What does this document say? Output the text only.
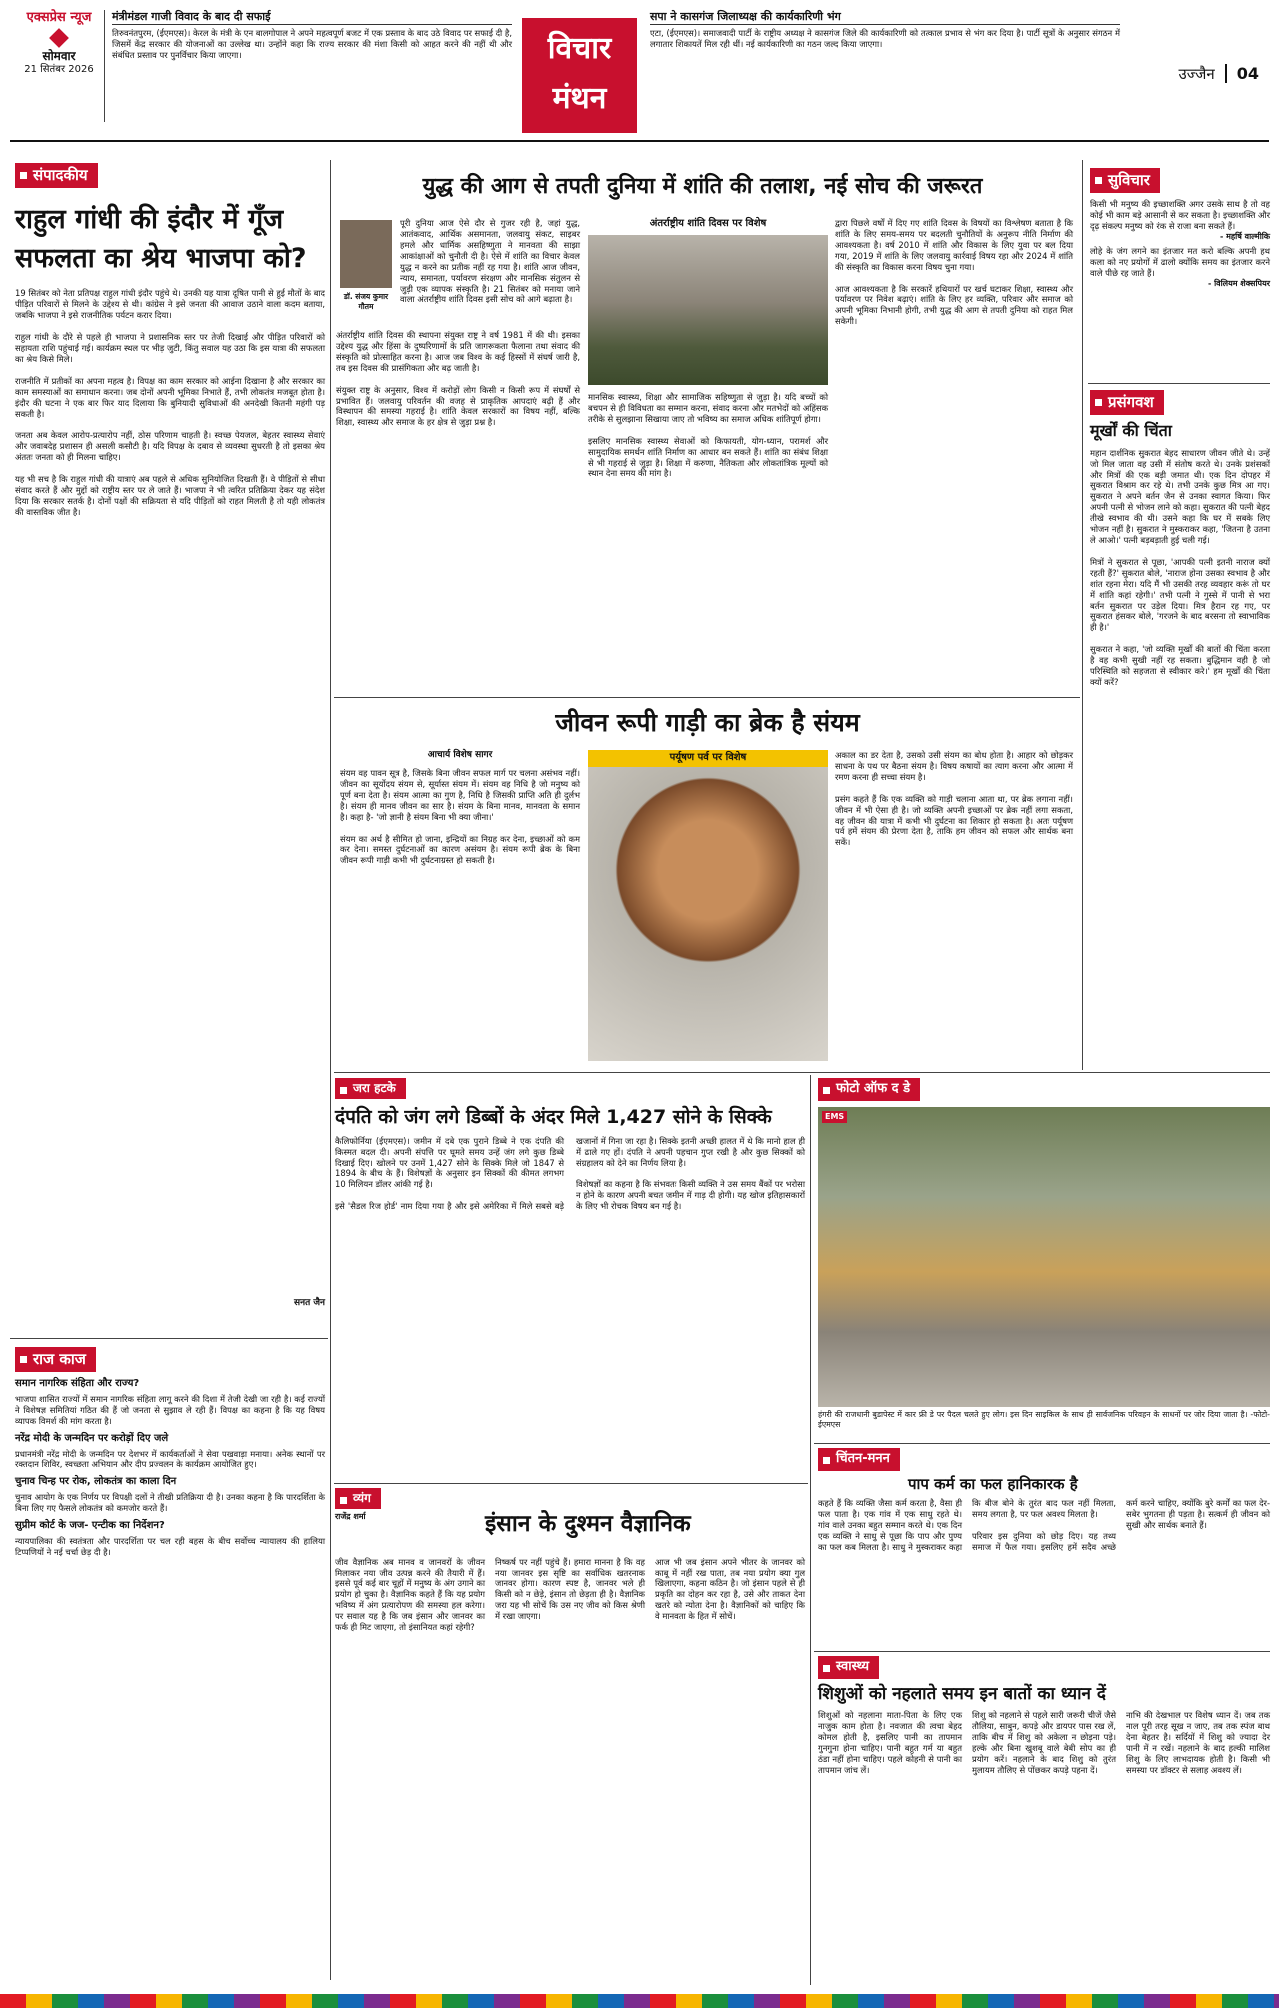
एक्सप्रेस न्यूज
सोमवार
21 सितंबर 2026
मंत्रीमंडल गाजी विवाद के बाद दी सफाई
तिरुवनंतपुरम, (ईएमएस)। केरल के मंत्री के एन बालगोपाल ने अपने महत्वपूर्ण बजट में एक प्रस्ताव के बाद उठे विवाद पर सफाई दी है, जिसमें केंद्र सरकार की योजनाओं का उल्लेख था। उन्होंने कहा कि राज्य सरकार की मंशा किसी को आहत करने की नहीं थी और संबंधित प्रस्ताव पर पुनर्विचार किया जाएगा।	विचार
मंथन
सपा ने कासगंज जिलाध्यक्ष की कार्यकारिणी भंग
एटा, (ईएमएस)। समाजवादी पार्टी के राष्ट्रीय अध्यक्ष ने कासगंज जिले की कार्यकारिणी को तत्काल प्रभाव से भंग कर दिया है। पार्टी सूत्रों के अनुसार संगठन में लगातार शिकायतें मिल रही थीं। नई कार्यकारिणी का गठन जल्द किया जाएगा।
उज्जैन 04
संपादकीय
राहुल गांधी की इंदौर में गूँज सफलता का श्रेय भाजपा को?
19 सितंबर को नेता प्रतिपक्ष राहुल गांधी इंदौर पहुंचे थे। उनकी यह यात्रा दूषित पानी से हुई मौतों के बाद पीड़ित परिवारों से मिलने के उद्देश्य से थी। कांग्रेस ने इसे जनता की आवाज उठाने वाला कदम बताया, जबकि भाजपा ने इसे राजनीतिक पर्यटन करार दिया।

राहुल गांधी के दौरे से पहले ही भाजपा ने प्रशासनिक स्तर पर तेजी दिखाई और पीड़ित परिवारों को सहायता राशि पहुंचाई गई। कार्यक्रम स्थल पर भीड़ जुटी, किंतु सवाल यह उठा कि इस यात्रा की सफलता का श्रेय किसे मिले।

राजनीति में प्रतीकों का अपना महत्व है। विपक्ष का काम सरकार को आईना दिखाना है और सरकार का काम समस्याओं का समाधान करना। जब दोनों अपनी भूमिका निभाते हैं, तभी लोकतंत्र मजबूत होता है। इंदौर की घटना ने एक बार फिर याद दिलाया कि बुनियादी सुविधाओं की अनदेखी कितनी महंगी पड़ सकती है।

जनता अब केवल आरोप-प्रत्यारोप नहीं, ठोस परिणाम चाहती है। स्वच्छ पेयजल, बेहतर स्वास्थ्य सेवाएं और जवाबदेह प्रशासन ही असली कसौटी है। यदि विपक्ष के दबाव से व्यवस्था सुधरती है तो इसका श्रेय अंततः जनता को ही मिलना चाहिए।

यह भी सच है कि राहुल गांधी की यात्राएं अब पहले से अधिक सुनियोजित दिखती हैं। वे पीड़ितों से सीधा संवाद करते हैं और मुद्दों को राष्ट्रीय स्तर पर ले जाते हैं। भाजपा ने भी त्वरित प्रतिक्रिया देकर यह संदेश दिया कि सरकार सतर्क है। दोनों पक्षों की सक्रियता से यदि पीड़ितों को राहत मिलती है तो यही लोकतंत्र की वास्तविक जीत है।
सनत जैन
राज काज
समान नागरिक संहिता और राज्य?
भाजपा शासित राज्यों में समान नागरिक संहिता लागू करने की दिशा में तेजी देखी जा रही है। कई राज्यों ने विशेषज्ञ समितियां गठित की हैं जो जनता से सुझाव ले रही हैं। विपक्ष का कहना है कि यह विषय व्यापक विमर्श की मांग करता है।
नरेंद्र मोदी के जन्मदिन पर करोड़ों दिए जले
प्रधानमंत्री नरेंद्र मोदी के जन्मदिन पर देशभर में कार्यकर्ताओं ने सेवा पखवाड़ा मनाया। अनेक स्थानों पर रक्तदान शिविर, स्वच्छता अभियान और दीप प्रज्वलन के कार्यक्रम आयोजित हुए।
चुनाव चिन्ह पर रोक, लोकतंत्र का काला दिन
चुनाव आयोग के एक निर्णय पर विपक्षी दलों ने तीखी प्रतिक्रिया दी है। उनका कहना है कि पारदर्शिता के बिना लिए गए फैसले लोकतंत्र को कमजोर करते हैं।
सुप्रीम कोर्ट के जज- एन्टीक का निर्देशन?
न्यायपालिका की स्वतंत्रता और पारदर्शिता पर चल रही बहस के बीच सर्वोच्च न्यायालय की हालिया टिप्पणियों ने नई चर्चा छेड़ दी है।
युद्ध की आग से तपती दुनिया में शांति की तलाश, नई सोच की जरूरत
डॉ. संजय कुमार गौतम
पूरी दुनिया आज ऐसे दौर से गुजर रही है, जहां युद्ध, आतंकवाद, आर्थिक असमानता, जलवायु संकट, साइबर हमले और धार्मिक असहिष्णुता ने मानवता की साझा आकांक्षाओं को चुनौती दी है। ऐसे में शांति का विचार केवल युद्ध न करने का प्रतीक नहीं रह गया है। शांति आज जीवन, न्याय, समानता, पर्यावरण संरक्षण और मानसिक संतुलन से जुड़ी एक व्यापक संस्कृति है। 21 सितंबर को मनाया जाने वाला अंतर्राष्ट्रीय शांति दिवस इसी सोच को आगे बढ़ाता है।
अंतर्राष्ट्रीय शांति दिवस की स्थापना संयुक्त राष्ट्र ने वर्ष 1981 में की थी। इसका उद्देश्य युद्ध और हिंसा के दुष्परिणामों के प्रति जागरूकता फैलाना तथा संवाद की संस्कृति को प्रोत्साहित करना है। आज जब विश्व के कई हिस्सों में संघर्ष जारी है, तब इस दिवस की प्रासंगिकता और बढ़ जाती है।

संयुक्त राष्ट्र के अनुसार, विश्व में करोड़ों लोग किसी न किसी रूप में संघर्षों से प्रभावित हैं। जलवायु परिवर्तन की वजह से प्राकृतिक आपदाएं बढ़ी हैं और विस्थापन की समस्या गहराई है। शांति केवल सरकारों का विषय नहीं, बल्कि शिक्षा, स्वास्थ्य और समाज के हर क्षेत्र से जुड़ा प्रश्न है।
अंतर्राष्ट्रीय शांति दिवस पर विशेष
मानसिक स्वास्थ्य, शिक्षा और सामाजिक सहिष्णुता से जुड़ा है। यदि बच्चों को बचपन से ही विविधता का सम्मान करना, संवाद करना और मतभेदों को अहिंसक तरीके से सुलझाना सिखाया जाए तो भविष्य का समाज अधिक शांतिपूर्ण होगा।

इसलिए मानसिक स्वास्थ्य सेवाओं को किफायती, योग-ध्यान, परामर्श और सामुदायिक समर्थन शांति निर्माण का आधार बन सकते हैं। शांति का संबंध शिक्षा से भी गहराई से जुड़ा है। शिक्षा में करुणा, नैतिकता और लोकतांत्रिक मूल्यों को स्थान देना समय की मांग है।
द्वारा पिछले वर्षों में दिए गए शांति दिवस के विषयों का विश्लेषण बताता है कि शांति के लिए समय-समय पर बदलती चुनौतियों के अनुरूप नीति निर्माण की आवश्यकता है। वर्ष 2010 में शांति और विकास के लिए युवा पर बल दिया गया, 2019 में शांति के लिए जलवायु कार्रवाई विषय रहा और 2024 में शांति की संस्कृति का विकास करना विषय चुना गया।

आज आवश्यकता है कि सरकारें हथियारों पर खर्च घटाकर शिक्षा, स्वास्थ्य और पर्यावरण पर निवेश बढ़ाएं। शांति के लिए हर व्यक्ति, परिवार और समाज को अपनी भूमिका निभानी होगी, तभी युद्ध की आग से तपती दुनिया को राहत मिल सकेगी।
सुविचार
किसी भी मनुष्य की इच्छाशक्ति अगर उसके साथ है तो वह कोई भी काम बड़े आसानी से कर सकता है। इच्छाशक्ति और दृढ़ संकल्प मनुष्य को रंक से राजा बना सकते हैं।
- महर्षि वाल्मीकि
लोहे के जंग लगने का इंतजार मत करो बल्कि अपनी हथ कला को नए प्रयोगों में ढालो क्योंकि समय का इंतजार करने वाले पीछे रह जाते हैं।
- विलियम शेक्सपियर
प्रसंगवश
मूर्खों की चिंता
महान दार्शनिक सुकरात बेहद साधारण जीवन जीते थे। उन्हें जो मिल जाता वह उसी में संतोष करते थे। उनके प्रशंसकों और मित्रों की एक बड़ी जमात थी। एक दिन दोपहर में सुकरात विश्राम कर रहे थे। तभी उनके कुछ मित्र आ गए। सुकरात ने अपने बर्तन जैन से उनका स्वागत किया। फिर अपनी पत्नी से भोजन लाने को कहा। सुकरात की पत्नी बेहद तीखे स्वभाव की थी। उसने कहा कि घर में सबके लिए भोजन नहीं है। सुकरात ने मुस्कराकर कहा, 'जितना है उतना ले आओ।' पत्नी बड़बड़ाती हुई चली गई।

मित्रों ने सुकरात से पूछा, 'आपकी पत्नी इतनी नाराज क्यों रहती हैं?' सुकरात बोले, 'नाराज होना उसका स्वभाव है और शांत रहना मेरा। यदि मैं भी उसकी तरह व्यवहार करूं तो घर में शांति कहां रहेगी।' तभी पत्नी ने गुस्से में पानी से भरा बर्तन सुकरात पर उड़ेल दिया। मित्र हैरान रह गए, पर सुकरात हंसकर बोले, 'गरजने के बाद बरसना तो स्वाभाविक ही है।'

सुकरात ने कहा, 'जो व्यक्ति मूर्खों की बातों की चिंता करता है वह कभी सुखी नहीं रह सकता। बुद्धिमान वही है जो परिस्थिति को सहजता से स्वीकार करे।' हम मूर्खों की चिंता क्यों करें?
जीवन रूपी गाड़ी का ब्रेक है संयम
आचार्य विशेष सागर
संयम वह पावन सूत्र है, जिसके बिना जीवन सफल मार्ग पर चलना असंभव नहीं। जीवन का सूर्योदय संयम से, सूर्यास्त संयम में। संयम वह निधि है जो मनुष्य को पूर्ण बना देता है। संयम आत्मा का गुण है, निधि है जिसकी प्राप्ति अति ही दुर्लभ है। संयम ही मानव जीवन का सार है। संयम के बिना मानव, मानवता के समान है। कहा है- 'जो ज्ञानी है संयम बिना भी क्या जीना।'

संयम का अर्थ है सीमित हो जाना, इन्द्रियों का निग्रह कर देना, इच्छाओं को कम कर देना। समस्त दुर्घटनाओं का कारण असंयम है। संयम रूपी ब्रेक के बिना जीवन रूपी गाड़ी कभी भी दुर्घटनाग्रस्त हो सकती है।
पर्यूषण पर्व पर विशेष	अकाल का डर देता है, उसको उसी संयम का बोध होता है। आहार को छोड़कर साधना के पथ पर बैठना संयम है। विषय कषायों का त्याग करना और आत्मा में रमण करना ही सच्चा संयम है।

प्रसंग कहते हैं कि एक व्यक्ति को गाड़ी चलाना आता था, पर ब्रेक लगाना नहीं। जीवन में भी ऐसा ही है। जो व्यक्ति अपनी इच्छाओं पर ब्रेक नहीं लगा सकता, वह जीवन की यात्रा में कभी भी दुर्घटना का शिकार हो सकता है। अतः पर्यूषण पर्व हमें संयम की प्रेरणा देता है, ताकि हम जीवन को सफल और सार्थक बना सकें।
जरा हटके
दंपति को जंग लगे डिब्बों के अंदर मिले 1,427 सोने के सिक्के
कैलिफोर्निया (ईएमएस)। जमीन में दबे एक पुराने डिब्बे ने एक दंपति की किस्मत बदल दी। अपनी संपत्ति पर घूमते समय उन्हें जंग लगे कुछ डिब्बे दिखाई दिए। खोलने पर उनमें 1,427 सोने के सिक्के मिले जो 1847 से 1894 के बीच के हैं। विशेषज्ञों के अनुसार इन सिक्कों की कीमत लगभग 10 मिलियन डॉलर आंकी गई है।

इसे 'सैडल रिज होर्ड' नाम दिया गया है और इसे अमेरिका में मिले सबसे बड़े खजानों में गिना जा रहा है। सिक्के इतनी अच्छी हालत में थे कि मानो हाल ही में ढाले गए हों। दंपति ने अपनी पहचान गुप्त रखी है और कुछ सिक्कों को संग्रहालय को देने का निर्णय लिया है।

विशेषज्ञों का कहना है कि संभवतः किसी व्यक्ति ने उस समय बैंकों पर भरोसा न होने के कारण अपनी बचत जमीन में गाड़ दी होगी। यह खोज इतिहासकारों के लिए भी रोचक विषय बन गई है।
फोटो ऑफ द डे
EMS
हंगरी की राजधानी बुडापेस्ट में कार फ्री डे पर पैदल चलते हुए लोग। इस दिन साइकिल के साथ ही सार्वजनिक परिवहन के साधनों पर जोर दिया जाता है। -फोटो- ईएमएस
चिंतन-मनन
पाप कर्म का फल हानिकारक है
कहते हैं कि व्यक्ति जैसा कर्म करता है, वैसा ही फल पाता है। एक गांव में एक साधु रहते थे। गांव वाले उनका बहुत सम्मान करते थे। एक दिन एक व्यक्ति ने साधु से पूछा कि पाप और पुण्य का फल कब मिलता है। साधु ने मुस्कराकर कहा कि बीज बोने के तुरंत बाद फल नहीं मिलता, समय लगता है, पर फल अवश्य मिलता है।

परिवार इस दुनिया को छोड़ दिए। यह तथ्य समाज में फैल गया। इसलिए हमें सदैव अच्छे कर्म करने चाहिए, क्योंकि बुरे कर्मों का फल देर-सबेर भुगतना ही पड़ता है। सत्कर्म ही जीवन को सुखी और सार्थक बनाते हैं।
स्वास्थ्य
शिशुओं को नहलाते समय इन बातों का ध्यान दें
शिशुओं को नहलाना माता-पिता के लिए एक नाजुक काम होता है। नवजात की त्वचा बेहद कोमल होती है, इसलिए पानी का तापमान गुनगुना होना चाहिए। पानी बहुत गर्म या बहुत ठंडा नहीं होना चाहिए। पहले कोहनी से पानी का तापमान जांच लें।

शिशु को नहलाने से पहले सारी जरूरी चीजें जैसे तौलिया, साबुन, कपड़े और डायपर पास रख लें, ताकि बीच में शिशु को अकेला न छोड़ना पड़े। हल्के और बिना खुशबू वाले बेबी सोप का ही प्रयोग करें। नहलाने के बाद शिशु को तुरंत मुलायम तौलिए से पोंछकर कपड़े पहना दें।

नाभि की देखभाल पर विशेष ध्यान दें। जब तक नाल पूरी तरह सूख न जाए, तब तक स्पंज बाथ देना बेहतर है। सर्दियों में शिशु को ज्यादा देर पानी में न रखें। नहलाने के बाद हल्की मालिश शिशु के लिए लाभदायक होती है। किसी भी समस्या पर डॉक्टर से सलाह अवश्य लें।
व्यंग
राजेंद्र शर्मा	इंसान के दुश्मन वैज्ञानिक
जीव वैज्ञानिक अब मानव व जानवरों के जीवन मिलाकर नया जीव उत्पन्न करने की तैयारी में हैं। इससे पूर्व कई बार चूहों में मनुष्य के अंग उगाने का प्रयोग हो चुका है। वैज्ञानिक कहते हैं कि यह प्रयोग भविष्य में अंग प्रत्यारोपण की समस्या हल करेगा। पर सवाल यह है कि जब इंसान और जानवर का फर्क ही मिट जाएगा, तो इंसानियत कहां रहेगी?
निष्कर्ष पर नहीं पहुंचे हैं। हमारा मानना है कि वह नया जानवर इस सृष्टि का सर्वाधिक खतरनाक जानवर होगा। कारण स्पष्ट है, जानवर भले ही किसी को न छेड़े, इंसान तो छेड़ता ही है। वैज्ञानिक जरा यह भी सोचें कि उस नए जीव को किस श्रेणी में रखा जाएगा।
आज भी जब इंसान अपने भीतर के जानवर को काबू में नहीं रख पाता, तब नया प्रयोग क्या गुल खिलाएगा, कहना कठिन है। जो इंसान पहले से ही प्रकृति का दोहन कर रहा है, उसे और ताकत देना खतरे को न्योता देना है। वैज्ञानिकों को चाहिए कि वे मानवता के हित में सोचें।
